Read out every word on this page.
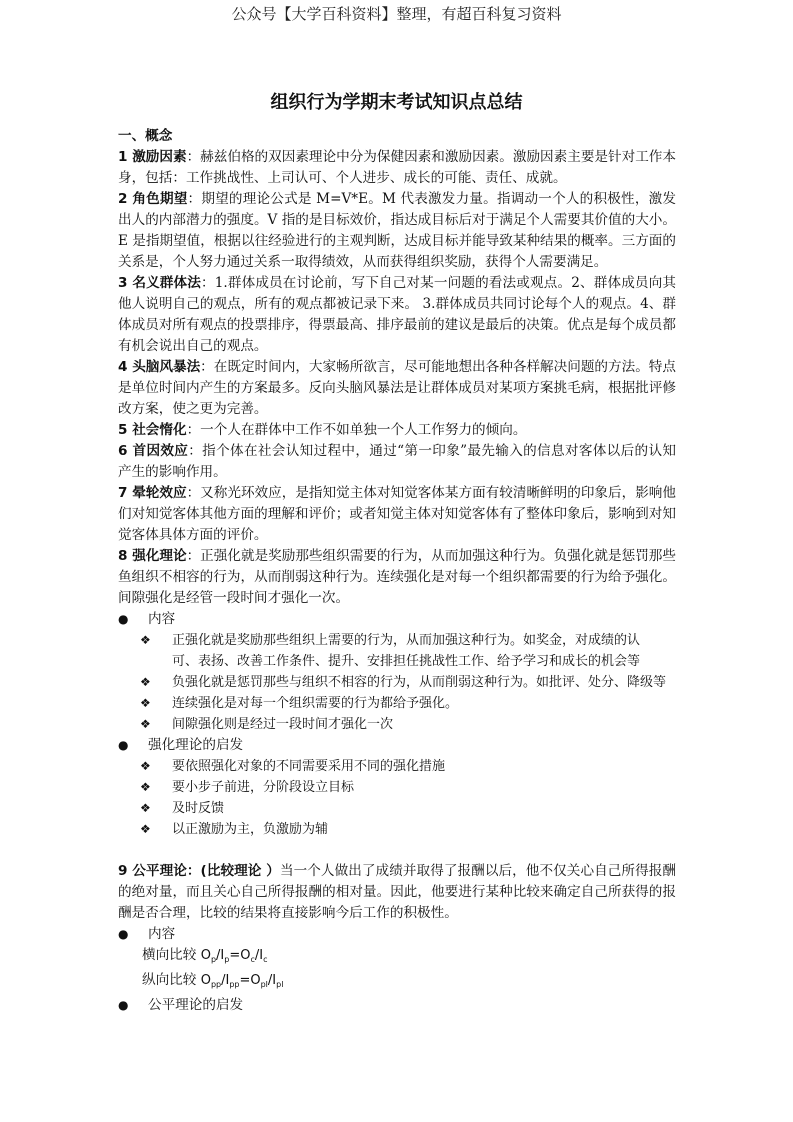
公众号【大学百科资料】整理，有超百科复习资料
组织行为学期末考试知识点总结

一、概念

1 激励因素：赫兹伯格的双因素理论中分为保健因素和激励因素。激励因素主要是针对工作本身，包括：工作挑战性、上司认可、个人进步、成长的可能、责任、成就。

2 角色期望：期望的理论公式是 M=V*E。M 代表激发力量。指调动一个人的积极性，激发出人的内部潜力的强度。V 指的是目标效价，指达成目标后对于满足个人需要其价值的大小。E 是指期望值，根据以往经验进行的主观判断，达成目标并能导致某种结果的概率。三方面的关系是，个人努力通过关系一取得绩效，从而获得组织奖励，获得个人需要满足。

3 名义群体法：1.群体成员在讨论前，写下自己对某一问题的看法或观点。2、群体成员向其他人说明自己的观点，所有的观点都被记录下来。 3.群体成员共同讨论每个人的观点。4、群体成员对所有观点的投票排序，得票最高、排序最前的建议是最后的决策。优点是每个成员都有机会说出自己的观点。

4 头脑风暴法：在既定时间内，大家畅所欲言，尽可能地想出各种各样解决问题的方法。特点是单位时间内产生的方案最多。反向头脑风暴法是让群体成员对某项方案挑毛病，根据批评修改方案，使之更为完善。

5 社会惰化：一个人在群体中工作不如单独一个人工作努力的倾向。

6 首因效应：指个体在社会认知过程中，通过“第一印象”最先输入的信息对客体以后的认知产生的影响作用。

7 晕轮效应：又称光环效应，是指知觉主体对知觉客体某方面有较清晰鲜明的印象后，影响他们对知觉客体其他方面的理解和评价；或者知觉主体对知觉客体有了整体印象后，影响到对知觉客体具体方面的评价。

8 强化理论：正强化就是奖励那些组织需要的行为，从而加强这种行为。负强化就是惩罚那些鱼组织不相容的行为，从而削弱这种行为。连续强化是对每一个组织都需要的行为给予强化。间隙强化是经管一段时间才强化一次。

● 内容

❖ 正强化就是奖励那些组织上需要的行为，从而加强这种行为。如奖金，对成绩的认　可、表扬、改善工作条件、提升、安排担任挑战性工作、给予学习和成长的机会等

❖ 负强化就是惩罚那些与组织不相容的行为，从而削弱这种行为。如批评、处分、降级等

❖ 连续强化是对每一个组织需要的行为都给予强化。

❖ 间隙强化则是经过一段时间才强化一次

● 强化理论的启发

❖ 要依照强化对象的不同需要采用不同的强化措施

❖ 要小步子前进，分阶段设立目标

❖ 及时反馈

❖ 以正激励为主，负激励为辅

9 公平理论：(比较理论 ）当一个人做出了成绩并取得了报酬以后，他不仅关心自己所得报酬的绝对量，而且关心自己所得报酬的相对量。因此，他要进行某种比较来确定自己所获得的报酬是否合理，比较的结果将直接影响今后工作的积极性。

● 内容

横向比较 $O_p/I_p=O_c/I_c$

纵向比较 $O_{pp}/I_{pp}=O_{pl}/I_{pl}$

● 公平理论的启发
